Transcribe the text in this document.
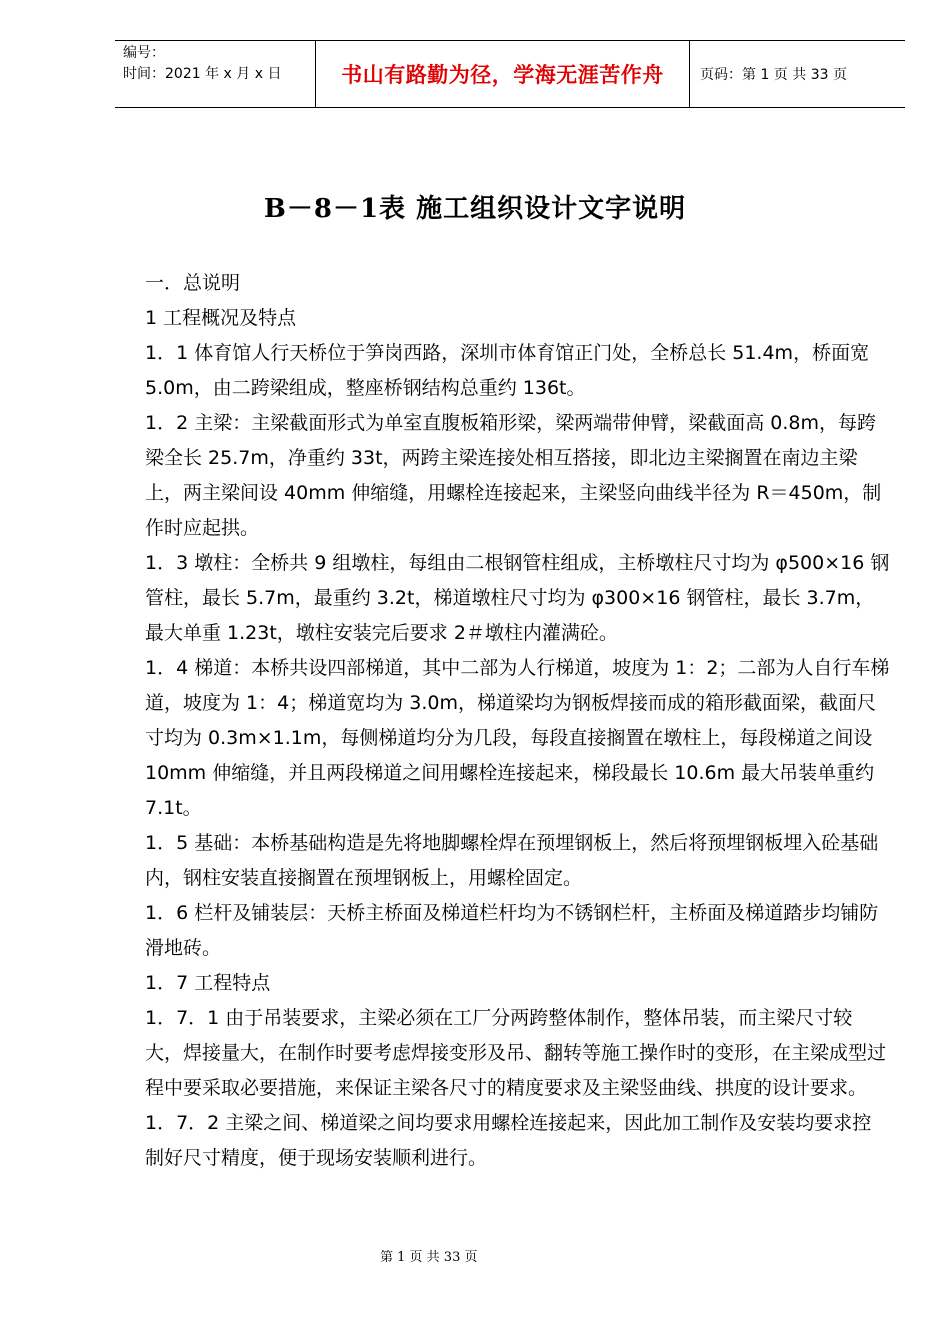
编号：
时间：2021 年 x 月 x 日	书山有路勤为径，学海无涯苦作舟	页码：第 1 页 共 33 页
B－8－1表 施工组织设计文字说明

一．总说明

1 工程概况及特点

1．1 体育馆人行天桥位于笋岗西路，深圳市体育馆正门处，全桥总长 51.4m，桥面宽 5.0m，由二跨梁组成，整座桥钢结构总重约 136t。

1．2 主梁：主梁截面形式为单室直腹板箱形梁，梁两端带伸臂，梁截面高 0.8m，每跨梁全长 25.7m，净重约 33t，两跨主梁连接处相互搭接，即北边主梁搁置在南边主梁上，两主梁间设 40mm 伸缩缝，用螺栓连接起来，主梁竖向曲线半径为 R＝450m，制作时应起拱。

1．3 墩柱：全桥共 9 组墩柱，每组由二根钢管柱组成，主桥墩柱尺寸均为 φ500×16 钢管柱，最长 5.7m，最重约 3.2t，梯道墩柱尺寸均为 φ300×16 钢管柱，最长 3.7m，最大单重 1.23t，墩柱安装完后要求 2＃墩柱内灌满砼。

1．4 梯道：本桥共设四部梯道，其中二部为人行梯道，坡度为 1：2；二部为人自行车梯道，坡度为 1：4；梯道宽均为 3.0m，梯道梁均为钢板焊接而成的箱形截面梁，截面尺寸均为 0.3m×1.1m，每侧梯道均分为几段，每段直接搁置在墩柱上，每段梯道之间设 10mm 伸缩缝，并且两段梯道之间用螺栓连接起来，梯段最长 10.6m 最大吊装单重约 7.1t。

1．5 基础：本桥基础构造是先将地脚螺栓焊在预埋钢板上，然后将预埋钢板埋入砼基础内，钢柱安装直接搁置在预埋钢板上，用螺栓固定。

1．6 栏杆及铺装层：天桥主桥面及梯道栏杆均为不锈钢栏杆，主桥面及梯道踏步均铺防滑地砖。

1．7 工程特点

1．7．1 由于吊装要求，主梁必须在工厂分两跨整体制作，整体吊装，而主梁尺寸较大，焊接量大，在制作时要考虑焊接变形及吊、翻转等施工操作时的变形，在主梁成型过程中要采取必要措施，来保证主梁各尺寸的精度要求及主梁竖曲线、拱度的设计要求。

1．7．2 主梁之间、梯道梁之间均要求用螺栓连接起来，因此加工制作及安装均要求控制好尺寸精度，便于现场安装顺利进行。

第 1 页 共 33 页
